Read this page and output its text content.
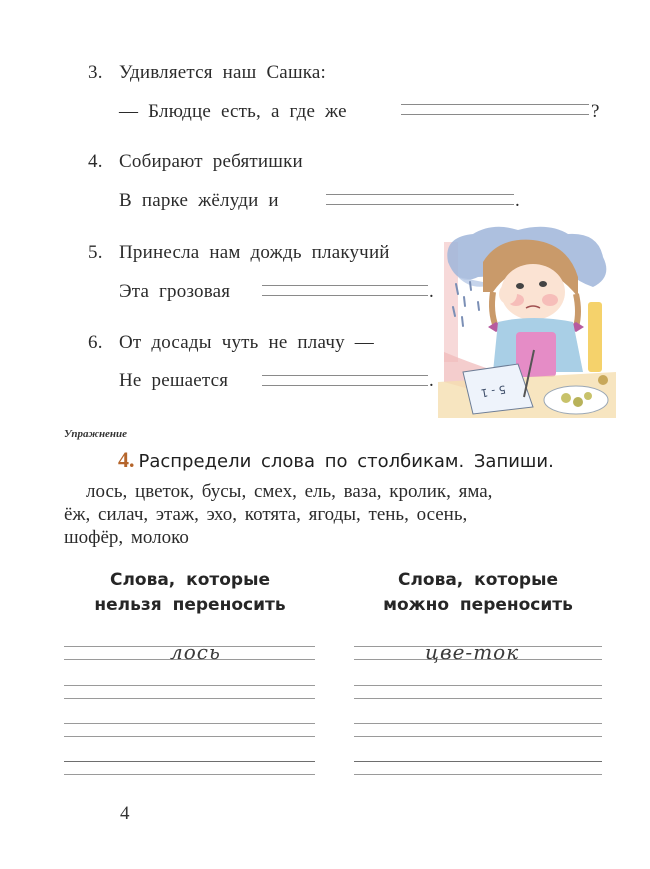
3. Удивляется наш Сашка:
— Блюдце есть, а где же	?
4. Собирают ребятишки
В парке жёлуди и	.
5. Принесла нам дождь плакучий
Эта грозовая	.
6. От досады чуть не плачу —
Не решается	.	5 - 1
Упражнение
4. Распредели слова по столбикам. Запиши.
лось, цветок, бусы, смех, ель, ваза, кролик, яма,
ёж, силач, этаж, эхо, котята, ягоды, тень, осень,
шофёр, молоко
Слова, которые
нельзя переносить
Слова, которые
можно переносить
лось	цве-ток
4
